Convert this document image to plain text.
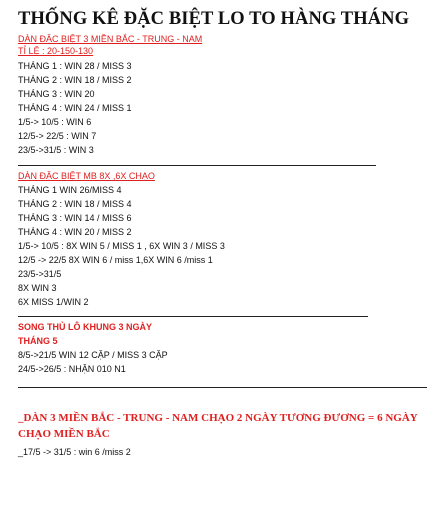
THỐNG KÊ ĐẶC BIỆT LO TO HÀNG THÁNG
DÀN ĐẶC BIỆT 3 MIỀN BẮC - TRUNG - NAM
TỈ LỆ : 20-150-130
THÁNG 1 : WIN 28 / MISS 3
THÁNG 2 : WIN 18 / MISS 2
THÁNG 3 : WIN 20
THÁNG 4 : WIN 24 / MISS 1
1/5-> 10/5 : WIN 6
12/5-> 22/5 : WIN 7
23/5->31/5 : WIN 3
DÀN ĐẶC BIỆT MB 8X ,6X CHẠO
THÁNG 1 WIN 26/MISS 4
THÁNG 2 : WIN 18 / MISS 4
THÁNG 3 : WIN 14 / MISS 6
THÁNG 4 : WIN 20 / MISS 2
1/5-> 10/5 : 8X WIN 5 / MISS 1 , 6X WIN 3 / MISS 3
12/5 -> 22/5 8X WIN 6 / miss 1,6X WIN 6 /miss 1
23/5->31/5
8X WIN 3
6X MISS 1/WIN 2
SONG THỦ LÔ KHUNG 3 NGÀY
THÁNG 5
8/5->21/5 WIN 12 CẶP / MISS 3 CẶP
24/5->26/5 : NHẬN 010 N1
_DÀN 3 MIỀN BẮC - TRUNG - NAM CHẠO 2 NGÀY TƯƠNG ĐƯƠNG = 6 NGÀY
CHẠO MIỀN BẮC
_17/5 -> 31/5 : win 6 /miss 2
